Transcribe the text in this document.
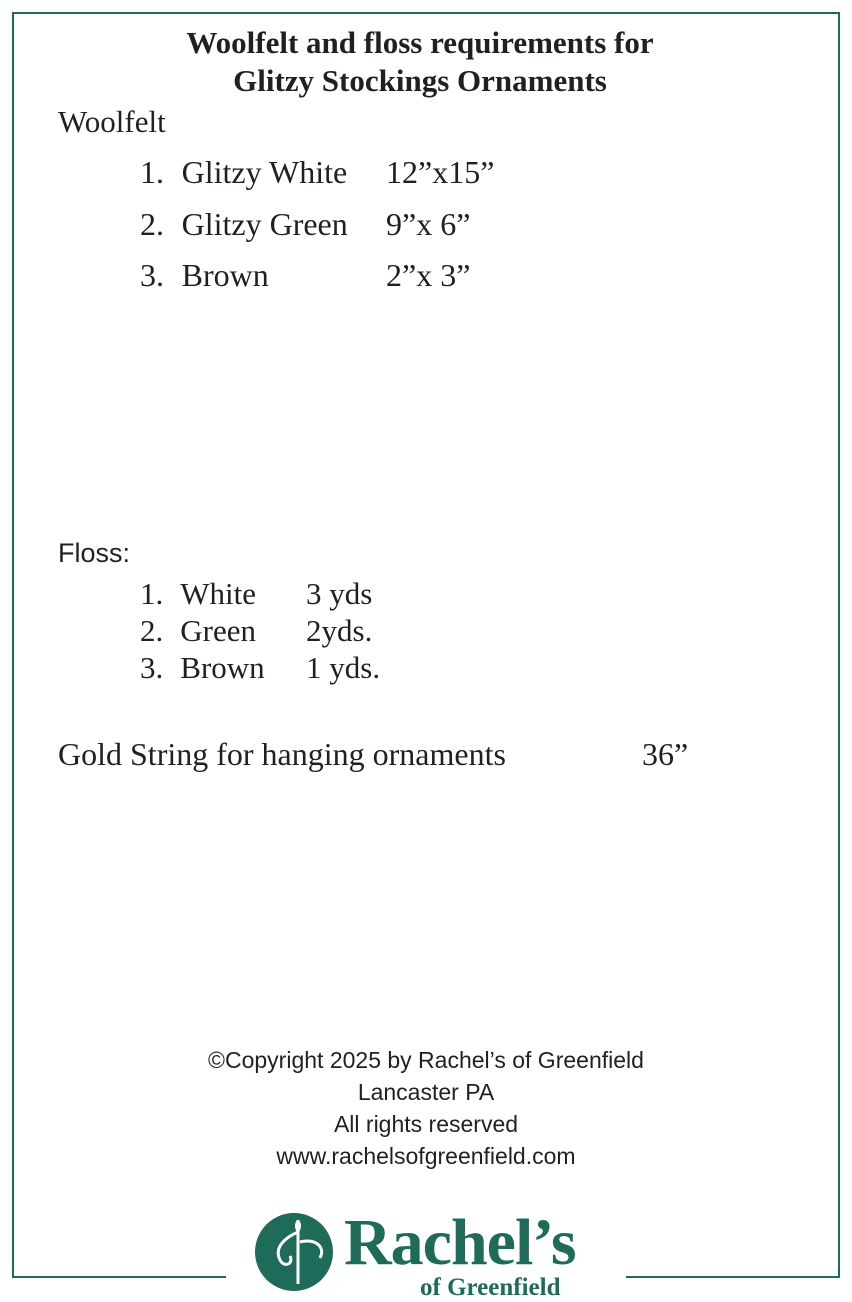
Woolfelt and floss requirements for
Glitzy Stockings Ornaments
Woolfelt
1. Glitzy White 12”x15”
2. Glitzy Green 9”x 6”
3. Brown	2”x 3”
Floss:
1. White 3 yds
2. Green 2yds.
3. Brown 1 yds.
Gold String for hanging ornaments	36”
©Copyright 2025 by Rachel’s of Greenfield
Lancaster PA
All rights reserved
www.rachelsofgreenfield.com
Rachel’s
of Greenfield
